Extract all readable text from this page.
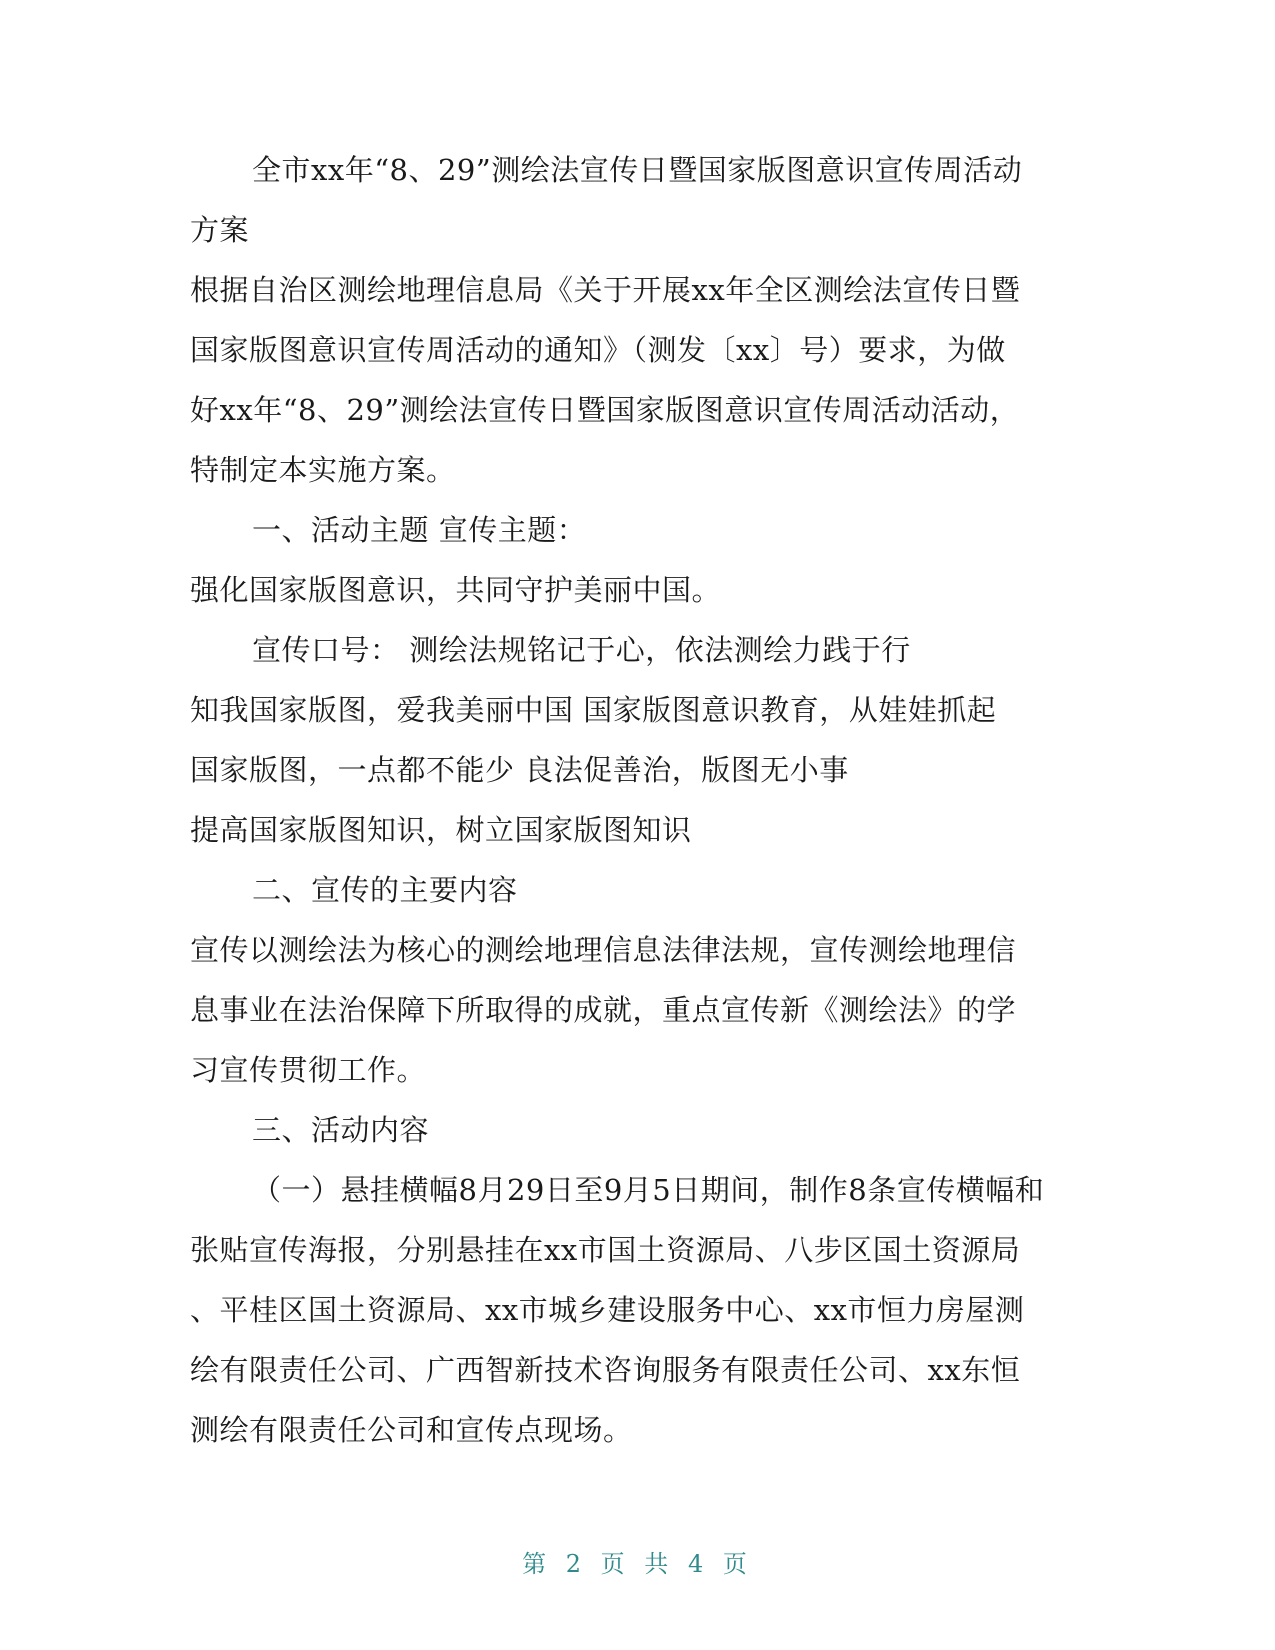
全市xx年“8、29”测绘法宣传日暨国家版图意识宣传周活动
方案
根据自治区测绘地理信息局《关于开展xx年全区测绘法宣传日暨
国家版图意识宣传周活动的通知》（测发〔xx〕号）要求，为做
好xx年“8、29”测绘法宣传日暨国家版图意识宣传周活动活动，
特制定本实施方案。
一、活动主题 宣传主题：
强化国家版图意识，共同守护美丽中国。
宣传口号： 测绘法规铭记于心，依法测绘力践于行
知我国家版图，爱我美丽中国 国家版图意识教育，从娃娃抓起
国家版图，一点都不能少 良法促善治，版图无小事
提高国家版图知识，树立国家版图知识
二、宣传的主要内容
宣传以测绘法为核心的测绘地理信息法律法规，宣传测绘地理信
息事业在法治保障下所取得的成就，重点宣传新《测绘法》的学
习宣传贯彻工作。
三、活动内容
（一）悬挂横幅8月29日至9月5日期间，制作8条宣传横幅和
张贴宣传海报，分别悬挂在xx市国土资源局、八步区国土资源局
、平桂区国土资源局、xx市城乡建设服务中心、xx市恒力房屋测
绘有限责任公司、广西智新技术咨询服务有限责任公司、xx东恒
测绘有限责任公司和宣传点现场。
第 2 页 共 4 页
